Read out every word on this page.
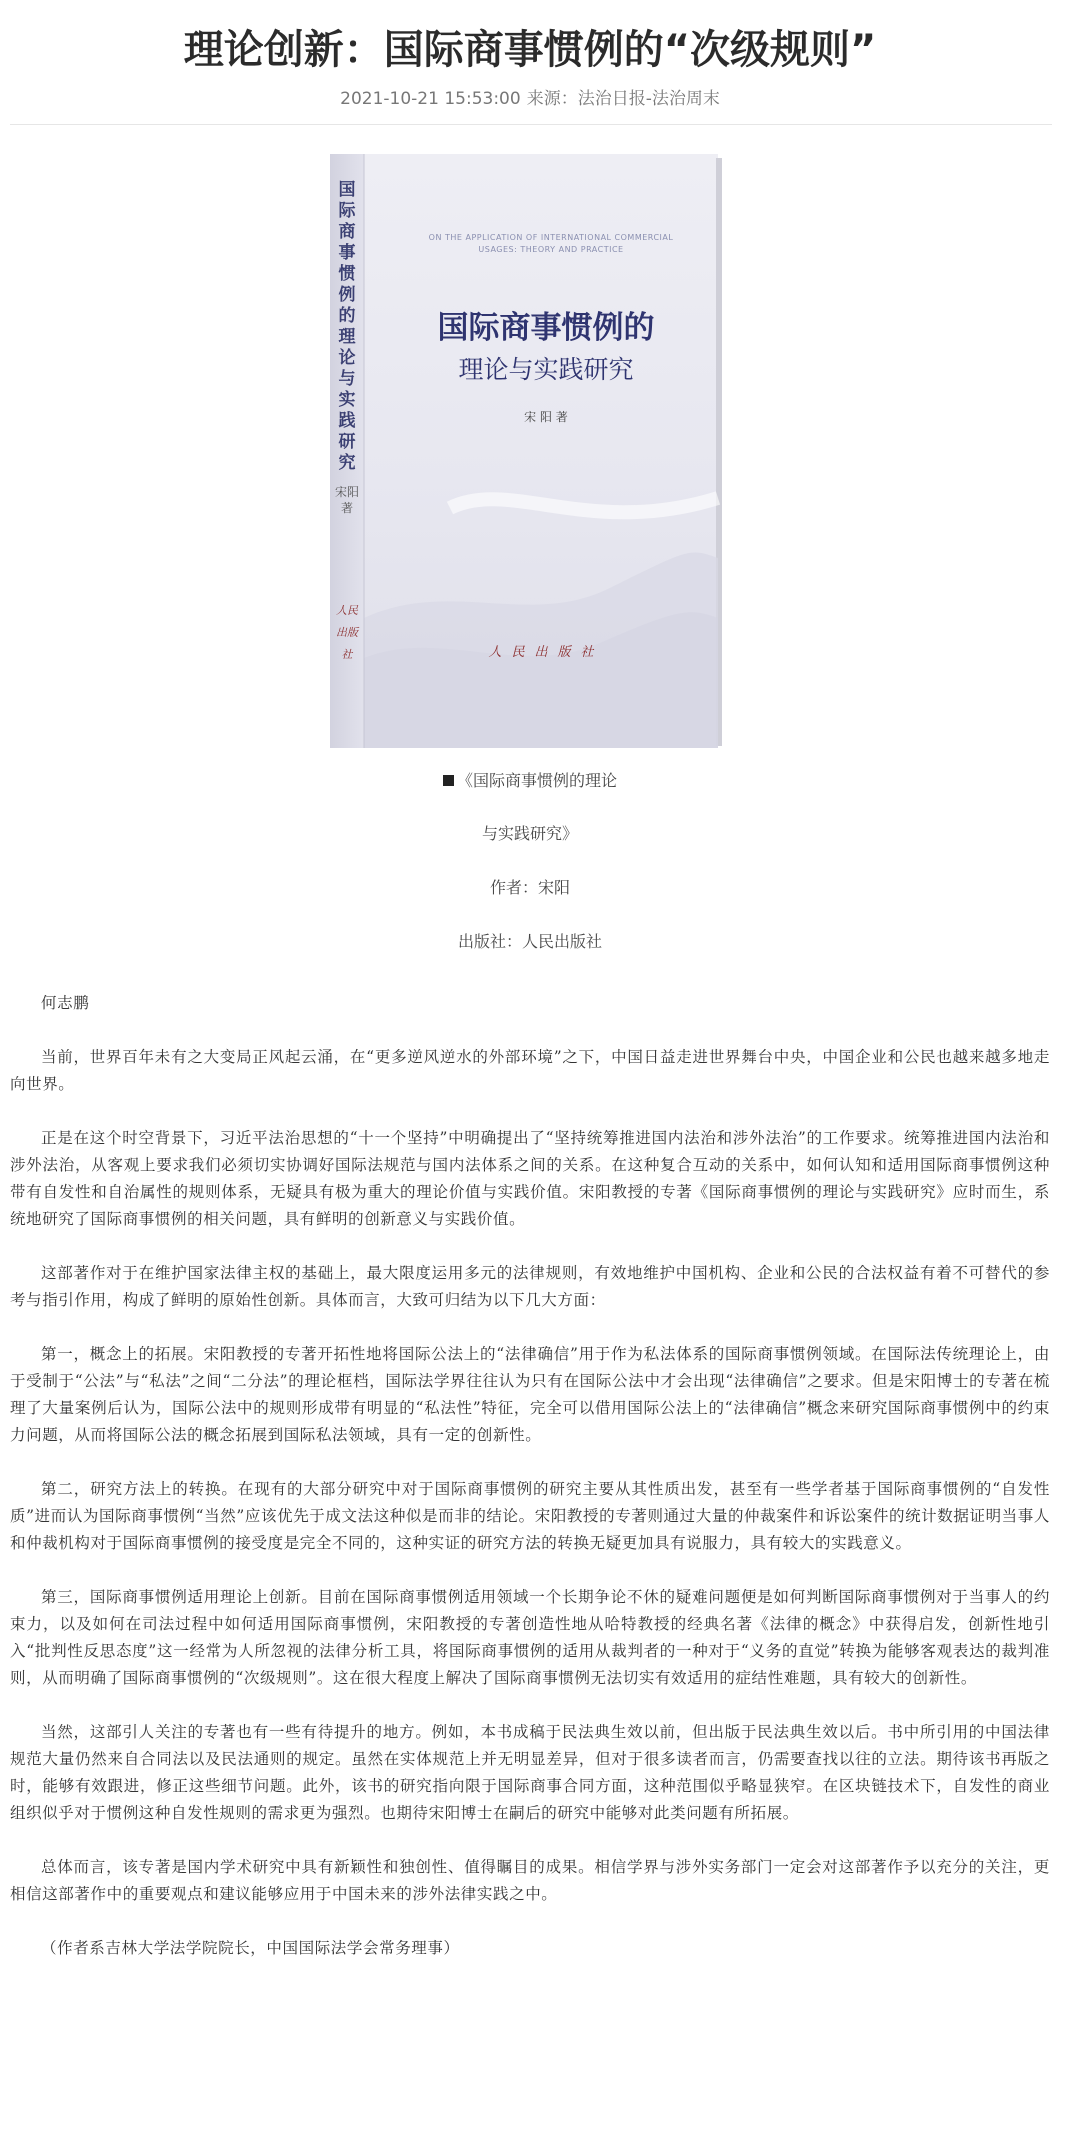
理论创新：国际商事惯例的“次级规则”
2021-10-21 15:53:00 来源：法治日报-法治周末
国际商事惯例的理论与实践研究
宋阳著
人民出版社
ON THE APPLICATION OF INTERNATIONAL COMMERCIAL USAGES: THEORY AND PRACTICE
国际商事惯例的
理论与实践研究
宋 阳 著
人民出版社
《国际商事惯例的理论
与实践研究》
作者：宋阳
出版社：人民出版社

何志鹏

当前，世界百年未有之大变局正风起云涌，在“更多逆风逆水的外部环境”之下，中国日益走进世界舞台中央，中国企业和公民也越来越多地走向世界。

正是在这个时空背景下，习近平法治思想的“十一个坚持”中明确提出了“坚持统筹推进国内法治和涉外法治”的工作要求。统筹推进国内法治和涉外法治，从客观上要求我们必须切实协调好国际法规范与国内法体系之间的关系。在这种复合互动的关系中，如何认知和适用国际商事惯例这种带有自发性和自治属性的规则体系，无疑具有极为重大的理论价值与实践价值。宋阳教授的专著《国际商事惯例的理论与实践研究》应时而生，系统地研究了国际商事惯例的相关问题，具有鲜明的创新意义与实践价值。

这部著作对于在维护国家法律主权的基础上，最大限度运用多元的法律规则，有效地维护中国机构、企业和公民的合法权益有着不可替代的参考与指引作用，构成了鲜明的原始性创新。具体而言，大致可归结为以下几大方面：

第一，概念上的拓展。宋阳教授的专著开拓性地将国际公法上的“法律确信”用于作为私法体系的国际商事惯例领域。在国际法传统理论上，由于受制于“公法”与“私法”之间“二分法”的理论框档，国际法学界往往认为只有在国际公法中才会出现“法律确信”之要求。但是宋阳博士的专著在梳理了大量案例后认为，国际公法中的规则形成带有明显的“私法性”特征，完全可以借用国际公法上的“法律确信”概念来研究国际商事惯例中的约束力问题，从而将国际公法的概念拓展到国际私法领域，具有一定的创新性。

第二，研究方法上的转换。在现有的大部分研究中对于国际商事惯例的研究主要从其性质出发，甚至有一些学者基于国际商事惯例的“自发性质”进而认为国际商事惯例“当然”应该优先于成文法这种似是而非的结论。宋阳教授的专著则通过大量的仲裁案件和诉讼案件的统计数据证明当事人和仲裁机构对于国际商事惯例的接受度是完全不同的，这种实证的研究方法的转换无疑更加具有说服力，具有较大的实践意义。

第三，国际商事惯例适用理论上创新。目前在国际商事惯例适用领域一个长期争论不休的疑难问题便是如何判断国际商事惯例对于当事人的约束力，以及如何在司法过程中如何适用国际商事惯例，宋阳教授的专著创造性地从哈特教授的经典名著《法律的概念》中获得启发，创新性地引入“批判性反思态度”这一经常为人所忽视的法律分析工具，将国际商事惯例的适用从裁判者的一种对于“义务的直觉”转换为能够客观表达的裁判准则，从而明确了国际商事惯例的“次级规则”。这在很大程度上解决了国际商事惯例无法切实有效适用的症结性难题，具有较大的创新性。

当然，这部引人关注的专著也有一些有待提升的地方。例如，本书成稿于民法典生效以前，但出版于民法典生效以后。书中所引用的中国法律规范大量仍然来自合同法以及民法通则的规定。虽然在实体规范上并无明显差异，但对于很多读者而言，仍需要查找以往的立法。期待该书再版之时，能够有效跟进，修正这些细节问题。此外，该书的研究指向限于国际商事合同方面，这种范围似乎略显狭窄。在区块链技术下，自发性的商业组织似乎对于惯例这种自发性规则的需求更为强烈。也期待宋阳博士在嗣后的研究中能够对此类问题有所拓展。

总体而言，该专著是国内学术研究中具有新颖性和独创性、值得瞩目的成果。相信学界与涉外实务部门一定会对这部著作予以充分的关注，更相信这部著作中的重要观点和建议能够应用于中国未来的涉外法律实践之中。

（作者系吉林大学法学院院长，中国国际法学会常务理事）
